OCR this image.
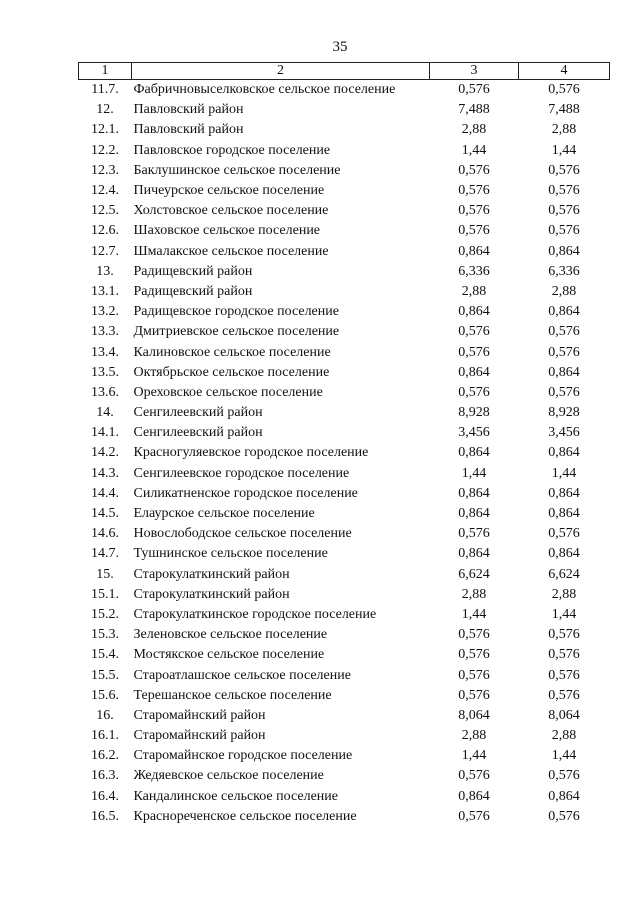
35
1	2	3	4
11.7.	Фабричновыселковское сельское поселение	0,576	0,576
12.	Павловский район	7,488	7,488
12.1.	Павловский район	2,88	2,88
12.2.	Павловское городское поселение	1,44	1,44
12.3.	Баклушинское сельское поселение	0,576	0,576
12.4.	Пичеурское сельское поселение	0,576	0,576
12.5.	Холстовское сельское поселение	0,576	0,576
12.6.	Шаховское сельское поселение	0,576	0,576
12.7.	Шмалакское сельское поселение	0,864	0,864
13.	Радищевский район	6,336	6,336
13.1.	Радищевский район	2,88	2,88
13.2.	Радищевское городское поселение	0,864	0,864
13.3.	Дмитриевское сельское поселение	0,576	0,576
13.4.	Калиновское сельское поселение	0,576	0,576
13.5.	Октябрьское сельское поселение	0,864	0,864
13.6.	Ореховское сельское поселение	0,576	0,576
14.	Сенгилеевский район	8,928	8,928
14.1.	Сенгилеевский район	3,456	3,456
14.2.	Красногуляевское городское поселение	0,864	0,864
14.3.	Сенгилеевское городское поселение	1,44	1,44
14.4.	Силикатненское городское поселение	0,864	0,864
14.5.	Елаурское сельское поселение	0,864	0,864
14.6.	Новослободское сельское поселение	0,576	0,576
14.7.	Тушнинское сельское поселение	0,864	0,864
15.	Старокулаткинский район	6,624	6,624
15.1.	Старокулаткинский район	2,88	2,88
15.2.	Старокулаткинское городское поселение	1,44	1,44
15.3.	Зеленовское сельское поселение	0,576	0,576
15.4.	Мостякское сельское поселение	0,576	0,576
15.5.	Староатлашское сельское поселение	0,576	0,576
15.6.	Терешанское сельское поселение	0,576	0,576
16.	Старомайнский район	8,064	8,064
16.1.	Старомайнский район	2,88	2,88
16.2.	Старомайнское городское поселение	1,44	1,44
16.3.	Жедяевское сельское поселение	0,576	0,576
16.4.	Кандалинское сельское поселение	0,864	0,864
16.5.	Краснореченское сельское поселение	0,576	0,576
